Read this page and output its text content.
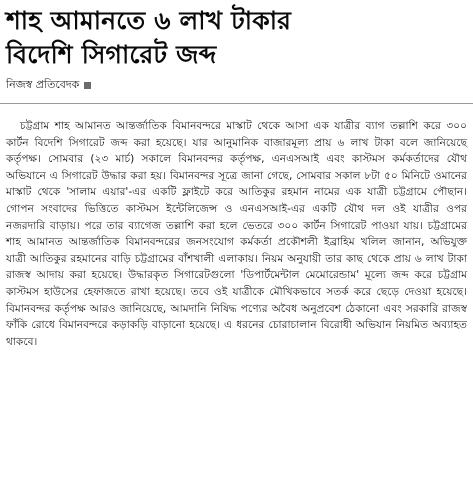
শাহ আমানতে ৬ লাখ টাকার
বিদেশি সিগারেট জব্দ
নিজস্ব প্রতিবেদক

চট্টগ্রাম শাহ আমানত আন্তর্জাতিক বিমানবন্দরে মাস্কাট থেকে আসা এক যাত্রীর ব্যাগ তল্লাশি করে ৩০০ কার্টন বিদেশি সিগারেট জব্দ করা হয়েছে। যার আনুমানিক বাজারমূল্য প্রায় ৬ লাখ টাকা বলে জানিয়েছে কর্তৃপক্ষ। সোমবার (২৩ মার্চ) সকালে বিমানবন্দর কর্তৃপক্ষ, এনএসআই এবং কাস্টমস কর্মকর্তাদের যৌথ অভিযানে এ সিগারেট উদ্ধার করা হয়। বিমানবন্দর সূত্রে জানা গেছে, সোমবার সকাল ৮টা ৫০ মিনিটে ওমানের মাস্কাট থেকে 'সালাম এয়ার'-এর একটি ফ্লাইটে করে আতিকুর রহমান নামের এক যাত্রী চট্টগ্রামে পৌছান। গোপন সংবাদের ভিত্তিতে কাস্টমস ইন্টেলিজেন্স ও এনএসআই-এর একটি যৌথ দল ওই যাত্রীর ওপর নজরদারি বাড়ায়। পরে তার ব্যাগেজ তল্লাশি করা হলে ভেতরে ৩০০ কার্টন সিগারেট পাওয়া যায়। চট্টগ্রামের শাহ আমানত আন্তর্জাতিক বিমানবন্দরের জনসংযোগ কর্মকর্তা প্রকৌশলী ইব্রাহিম খলিল জানান, অভিযুক্ত যাত্রী আতিকুর রহমানের বাড়ি চট্টগ্রামের বাঁশখালী এলাকায়। নিয়ম অনুযায়ী তার কাছ থেকে প্রায় ৬ লাখ টাকা রাজস্ব আদায় করা হয়েছে। উদ্ধারকৃত সিগারেটগুলো 'ডিপার্টমেন্টাল মেমোরেন্ডাম' মূল্যে জব্দ করে চট্টগ্রাম কাস্টমস হাউসের হেফাজতে রাখা হয়েছে। তবে ওই যাত্রীকে মৌখিকভাবে সতর্ক করে ছেড়ে দেওয়া হয়েছে। বিমানবন্দর কর্তৃপক্ষ আরও জানিয়েছে, আমদানি নিষিদ্ধ পণ্যের অবৈধ অনুপ্রবেশ ঠেকানো এবং সরকারি রাজস্ব ফাঁকি রোধে বিমানবন্দরে কড়াকড়ি বাড়ানো হয়েছে। এ ধরনের চোরাচালান বিরোধী অভিযান নিয়মিত অব্যাহত থাকবে।
